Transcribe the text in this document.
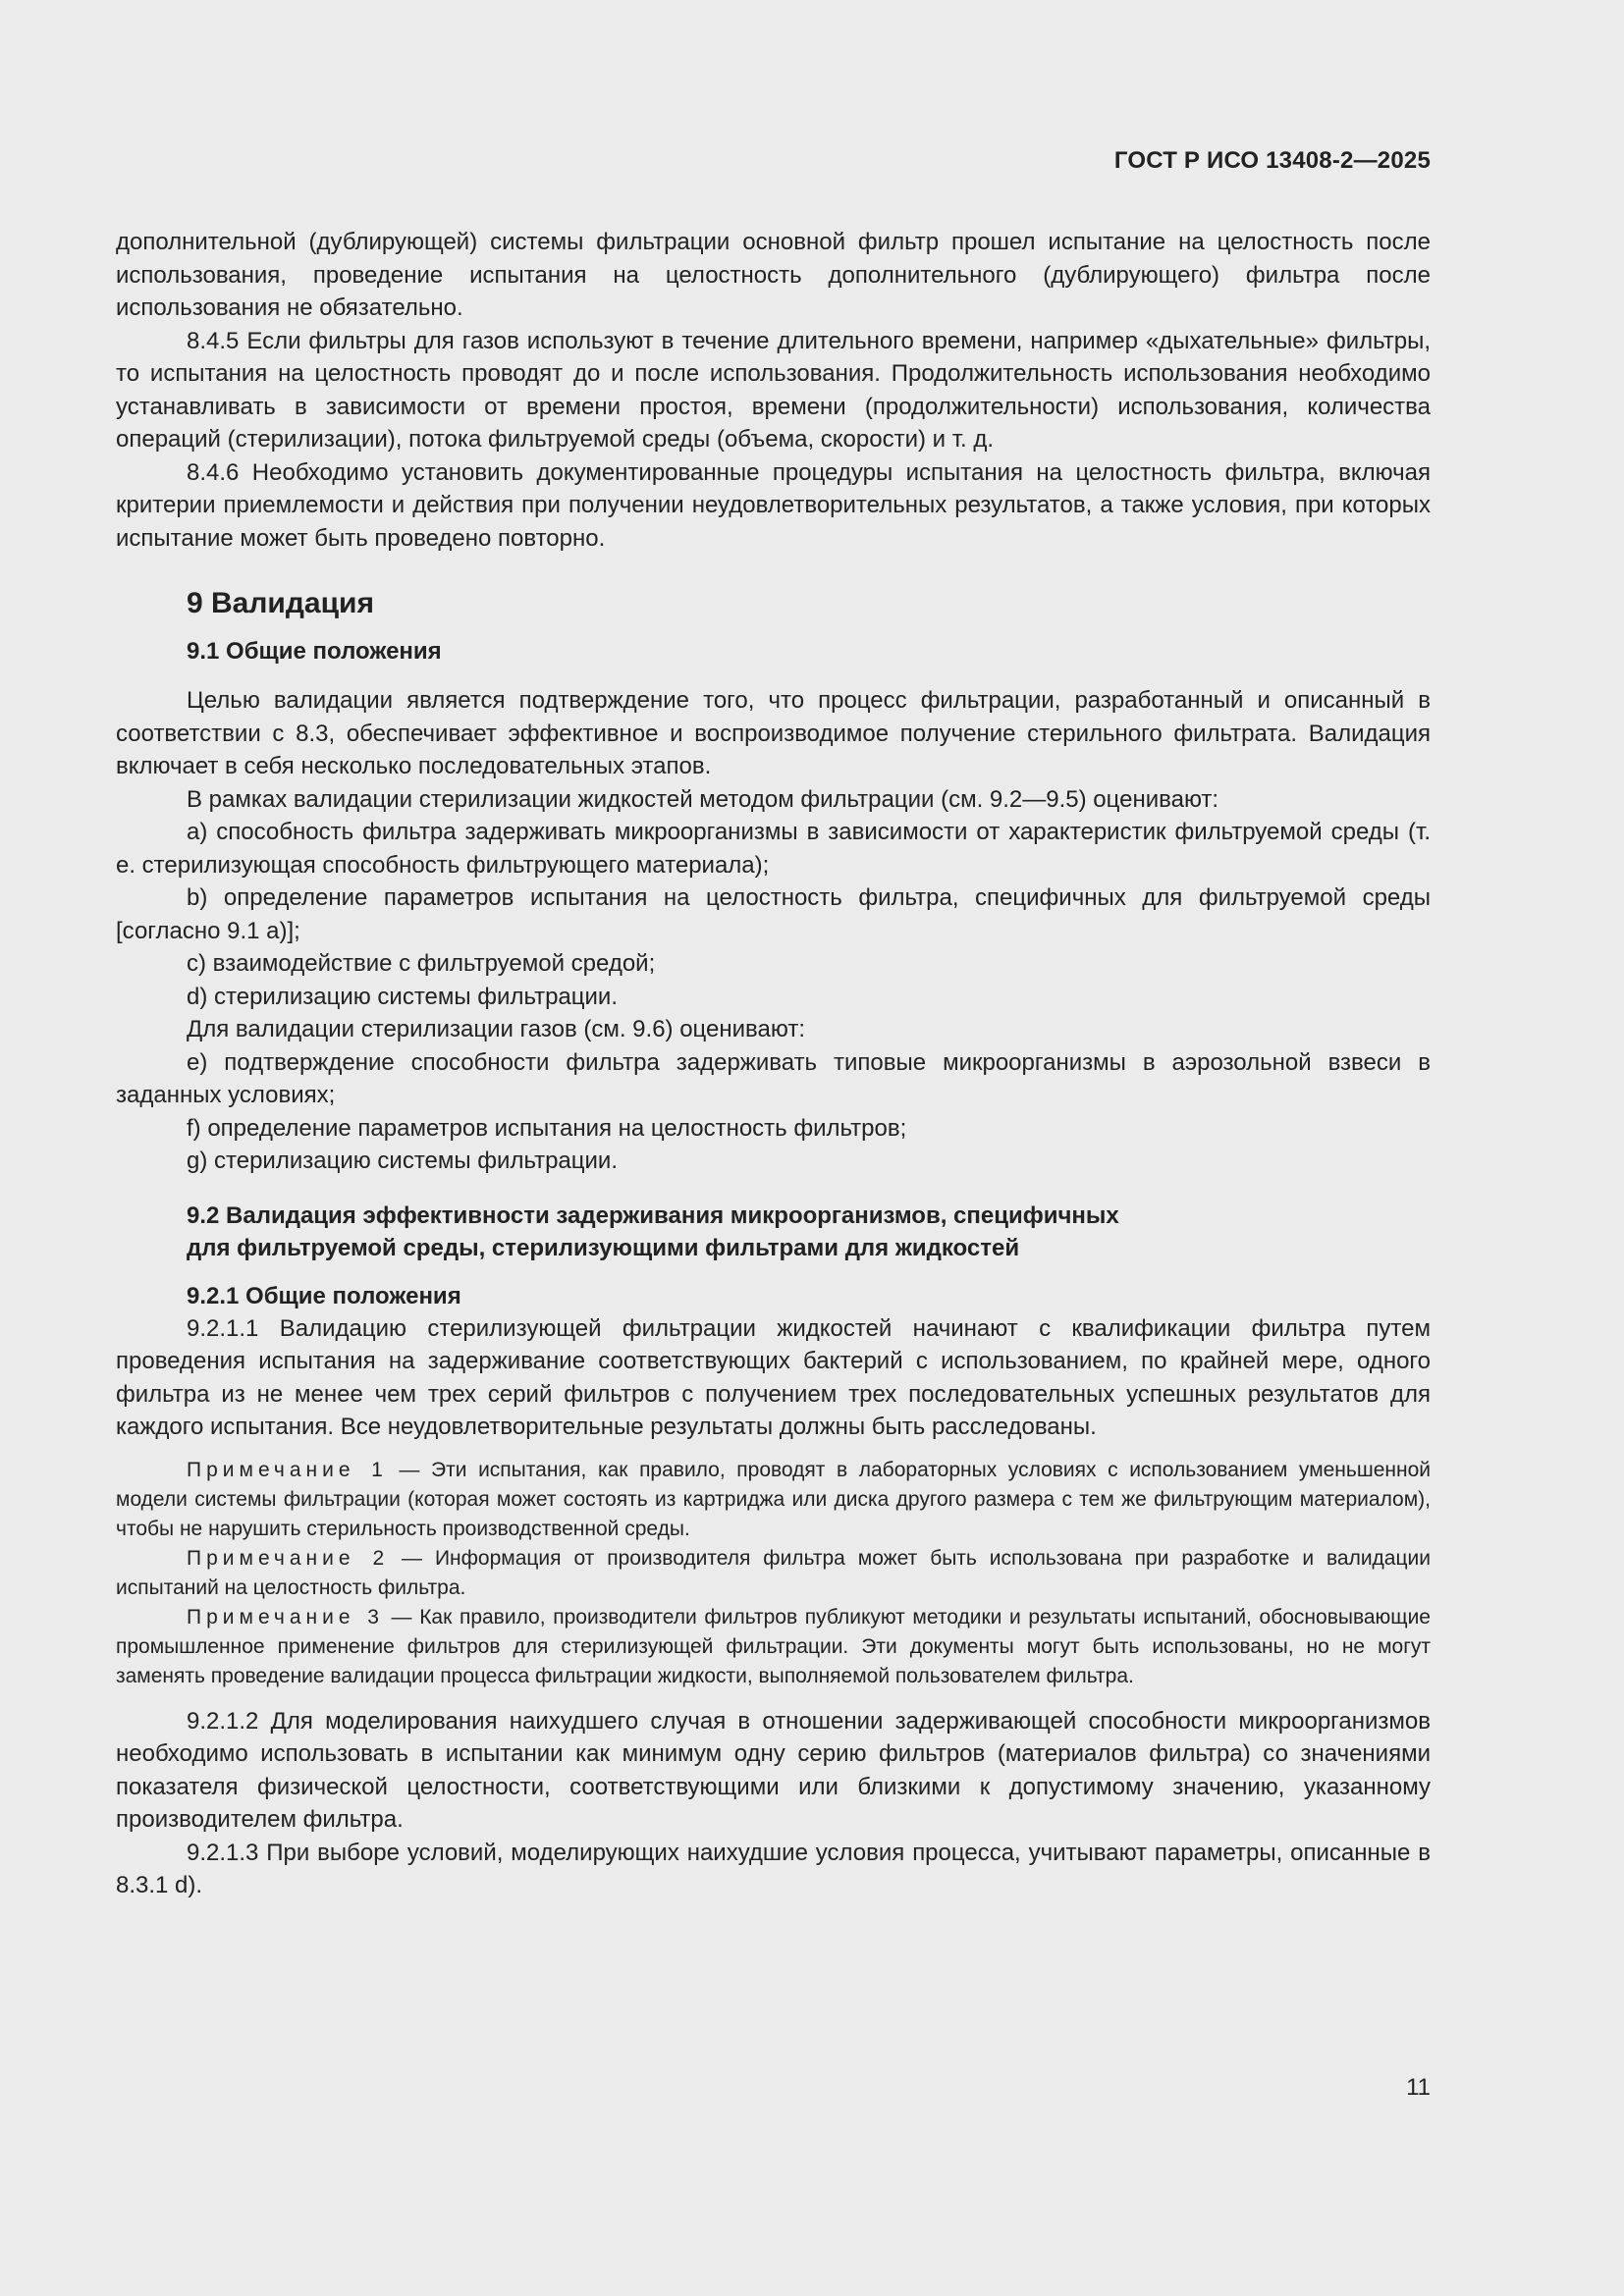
ГОСТ Р ИСО 13408-2—2025

дополнительной (дублирующей) системы фильтрации основной фильтр прошел испытание на целостность после использования, проведение испытания на целостность дополнительного (дублирующего) фильтра после использования не обязательно.

8.4.5 Если фильтры для газов используют в течение длительного времени, например «дыхательные» фильтры, то испытания на целостность проводят до и после использования. Продолжительность использования необходимо устанавливать в зависимости от времени простоя, времени (продолжительности) использования, количества операций (стерилизации), потока фильтруемой среды (объема, скорости) и т. д.

8.4.6 Необходимо установить документированные процедуры испытания на целостность фильтра, включая критерии приемлемости и действия при получении неудовлетворительных результатов, а также условия, при которых испытание может быть проведено повторно.

9 Валидация
9.1 Общие положения

Целью валидации является подтверждение того, что процесс фильтрации, разработанный и описанный в соответствии с 8.3, обеспечивает эффективное и воспроизводимое получение стерильного фильтрата. Валидация включает в себя несколько последовательных этапов.

В рамках валидации стерилизации жидкостей методом фильтрации (см. 9.2—9.5) оценивают:

a) способность фильтра задерживать микроорганизмы в зависимости от характеристик фильтруемой среды (т. е. стерилизующая способность фильтрующего материала);

b) определение параметров испытания на целостность фильтра, специфичных для фильтруемой среды [согласно 9.1 а)];

c) взаимодействие с фильтруемой средой;

d) стерилизацию системы фильтрации.

Для валидации стерилизации газов (см. 9.6) оценивают:

e) подтверждение способности фильтра задерживать типовые микроорганизмы в аэрозольной взвеси в заданных условиях;

f) определение параметров испытания на целостность фильтров;

g) стерилизацию системы фильтрации.

9.2 Валидация эффективности задерживания микроорганизмов, специфичных
для фильтруемой среды, стерилизующими фильтрами для жидкостей
9.2.1 Общие положения

9.2.1.1 Валидацию стерилизующей фильтрации жидкостей начинают с квалификации фильтра путем проведения испытания на задерживание соответствующих бактерий с использованием, по крайней мере, одного фильтра из не менее чем трех серий фильтров с получением трех последовательных успешных результатов для каждого испытания. Все неудовлетворительные результаты должны быть расследованы.

Примечание 1 — Эти испытания, как правило, проводят в лабораторных условиях с использованием уменьшенной модели системы фильтрации (которая может состоять из картриджа или диска другого размера с тем же фильтрующим материалом), чтобы не нарушить стерильность производственной среды.

Примечание 2 — Информация от производителя фильтра может быть использована при разработке и валидации испытаний на целостность фильтра.

Примечание 3 — Как правило, производители фильтров публикуют методики и результаты испытаний, обосновывающие промышленное применение фильтров для стерилизующей фильтрации. Эти документы могут быть использованы, но не могут заменять проведение валидации процесса фильтрации жидкости, выполняемой пользователем фильтра.

9.2.1.2 Для моделирования наихудшего случая в отношении задерживающей способности микроорганизмов необходимо использовать в испытании как минимум одну серию фильтров (материалов фильтра) со значениями показателя физической целостности, соответствующими или близкими к допустимому значению, указанному производителем фильтра.

9.2.1.3 При выборе условий, моделирующих наихудшие условия процесса, учитывают параметры, описанные в 8.3.1 d).

11
